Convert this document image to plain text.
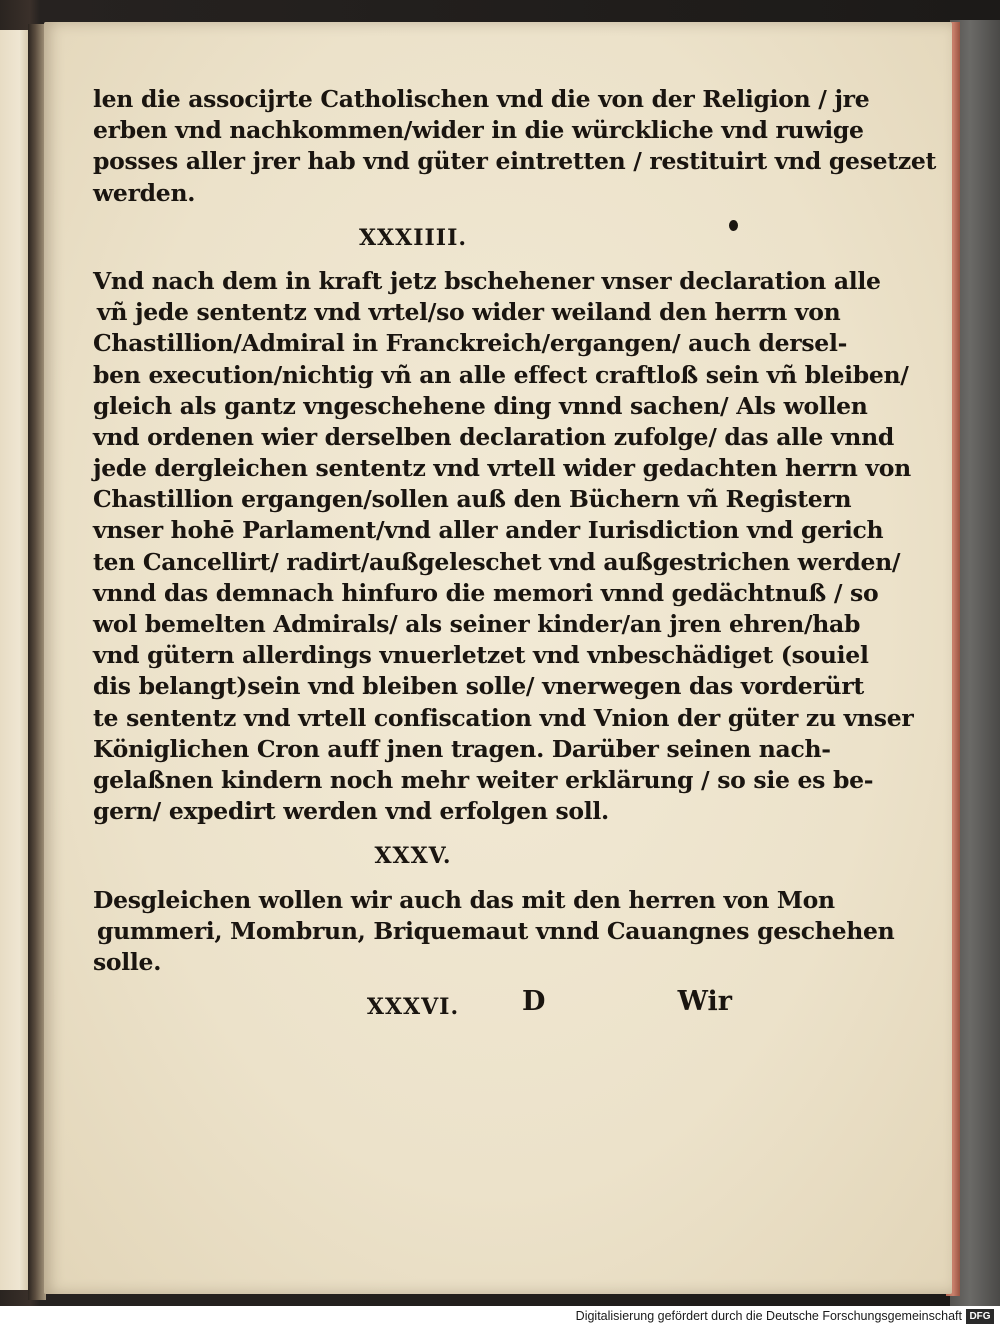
len die associjrte Catholischen vnd die von der Religion / jre
erben vnd nachkommen/wider in die würckliche vnd ruwige
posses aller jrer hab vnd güter eintretten / restituirt vnd gesetzet
werden.
XXXIIII.
Vnd nach dem in kraft jetz bschehener vnser declaration alle
vñ jede sententz vnd vrtel/so wider weiland den herrn von
Chastillion/Admiral in Franckreich/ergangen/ auch dersel-
ben execution/nichtig vñ an alle effect craftloß sein vñ bleiben/
gleich als gantz vngeschehene ding vnnd sachen/ Als wollen
vnd ordenen wier derselben declaration zufolge/ das alle vnnd
jede dergleichen sententz vnd vrtell wider gedachten herrn von
Chastillion ergangen/sollen auß den Büchern vñ Registern
vnser hohē Parlament/vnd aller ander Iurisdiction vnd gerich
ten Cancellirt/ radirt/außgeleschet vnd außgestrichen werden/
vnnd das demnach hinfuro die memori vnnd gedächtnuß / so
wol bemelten Admirals/ als seiner kinder/an jren ehren/hab
vnd gütern allerdings vnuerletzet vnd vnbeschädiget (souiel
dis belangt)sein vnd bleiben solle/ vnerwegen das vorderürt
te sententz vnd vrtell confiscation vnd Vnion der güter zu vnser
Königlichen Cron auff jnen tragen. Darüber seinen nach-
gelaßnen kindern noch mehr weiter erklärung / so sie es be-
gern/ expedirt werden vnd erfolgen soll.
XXXV.
Desgleichen wollen wir auch das mit den herren von Mon
gummeri, Mombrun, Briquemaut vnnd Cauangnes geschehen
solle.
XXXVI.	D	Wir
Digitalisierung gefördert durch die Deutsche Forschungsgemeinschaft DFG
